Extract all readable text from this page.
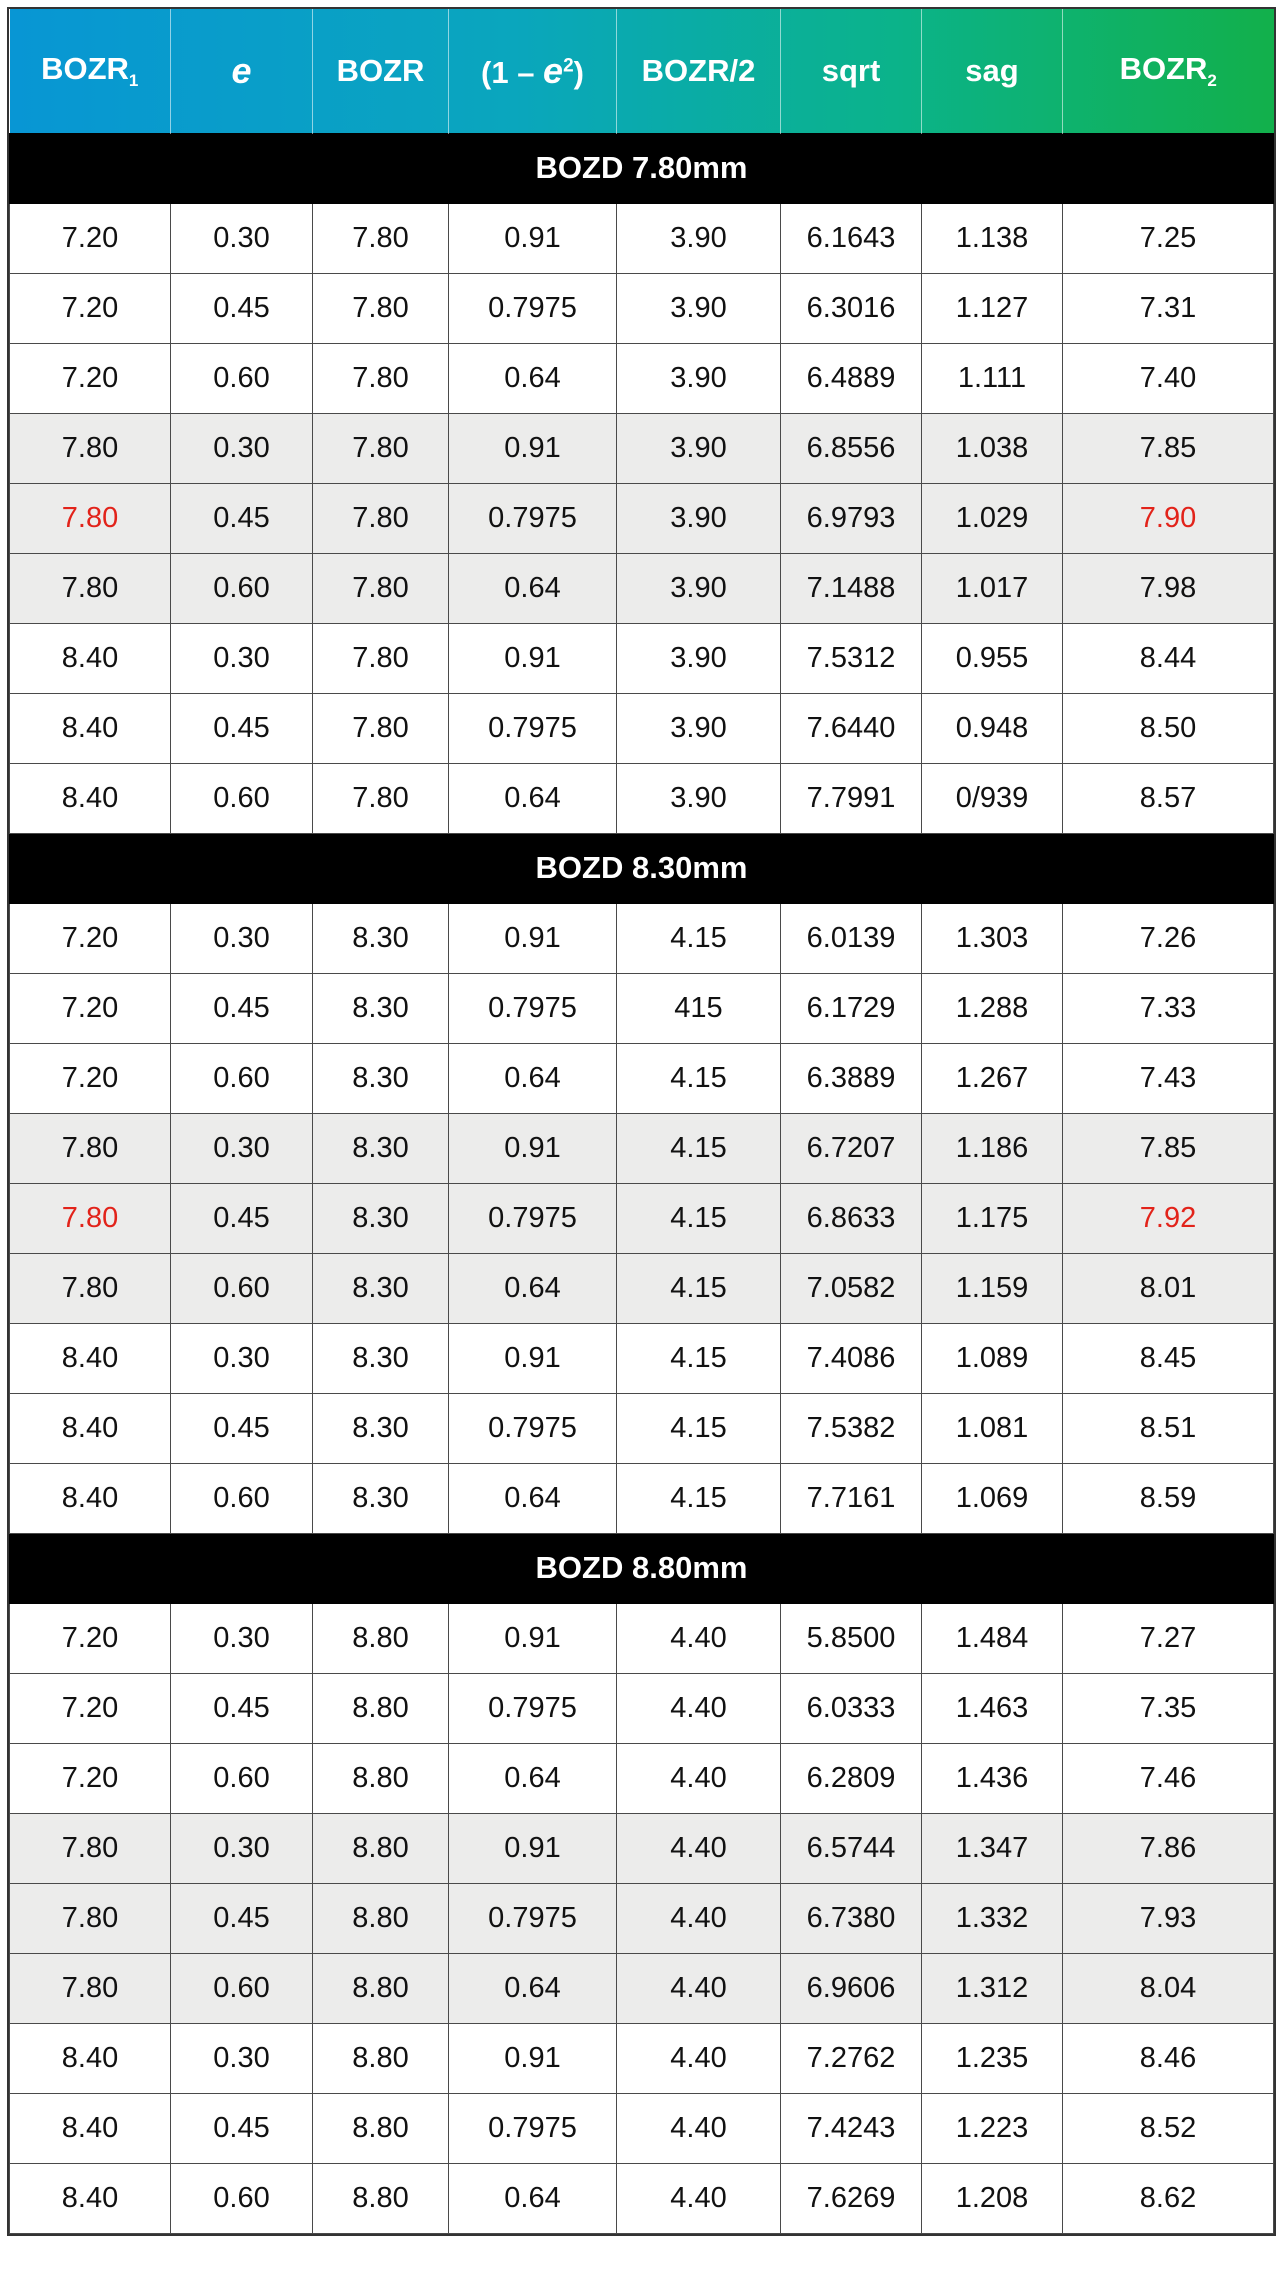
$BOZR_1$	e	BOZR	$(1 - e^2)$	BOZR/2	sqrt	sag	$BOZR_2$
BOZD 7.80mm							
7.20	0.30	7.80	0.91	3.90	6.1643	1.138	7.25
7.20	0.45	7.80	0.7975	3.90	6.3016	1.127	7.31
7.20	0.60	7.80	0.64	3.90	6.4889	1.111	7.40
7.80	0.30	7.80	0.91	3.90	6.8556	1.038	7.85
7.80	0.45	7.80	0.7975	3.90	6.9793	1.029	7.90
7.80	0.60	7.80	0.64	3.90	7.1488	1.017	7.98
8.40	0.30	7.80	0.91	3.90	7.5312	0.955	8.44
8.40	0.45	7.80	0.7975	3.90	7.6440	0.948	8.50
8.40	0.60	7.80	0.64	3.90	7.7991	0/939	8.57
BOZD 8.30mm							
7.20	0.30	8.30	0.91	4.15	6.0139	1.303	7.26
7.20	0.45	8.30	0.7975	415	6.1729	1.288	7.33
7.20	0.60	8.30	0.64	4.15	6.3889	1.267	7.43
7.80	0.30	8.30	0.91	4.15	6.7207	1.186	7.85
7.80	0.45	8.30	0.7975	4.15	6.8633	1.175	7.92
7.80	0.60	8.30	0.64	4.15	7.0582	1.159	8.01
8.40	0.30	8.30	0.91	4.15	7.4086	1.089	8.45
8.40	0.45	8.30	0.7975	4.15	7.5382	1.081	8.51
8.40	0.60	8.30	0.64	4.15	7.7161	1.069	8.59
BOZD 8.80mm							
7.20	0.30	8.80	0.91	4.40	5.8500	1.484	7.27
7.20	0.45	8.80	0.7975	4.40	6.0333	1.463	7.35
7.20	0.60	8.80	0.64	4.40	6.2809	1.436	7.46
7.80	0.30	8.80	0.91	4.40	6.5744	1.347	7.86
7.80	0.45	8.80	0.7975	4.40	6.7380	1.332	7.93
7.80	0.60	8.80	0.64	4.40	6.9606	1.312	8.04
8.40	0.30	8.80	0.91	4.40	7.2762	1.235	8.46
8.40	0.45	8.80	0.7975	4.40	7.4243	1.223	8.52
8.40	0.60	8.80	0.64	4.40	7.6269	1.208	8.62
